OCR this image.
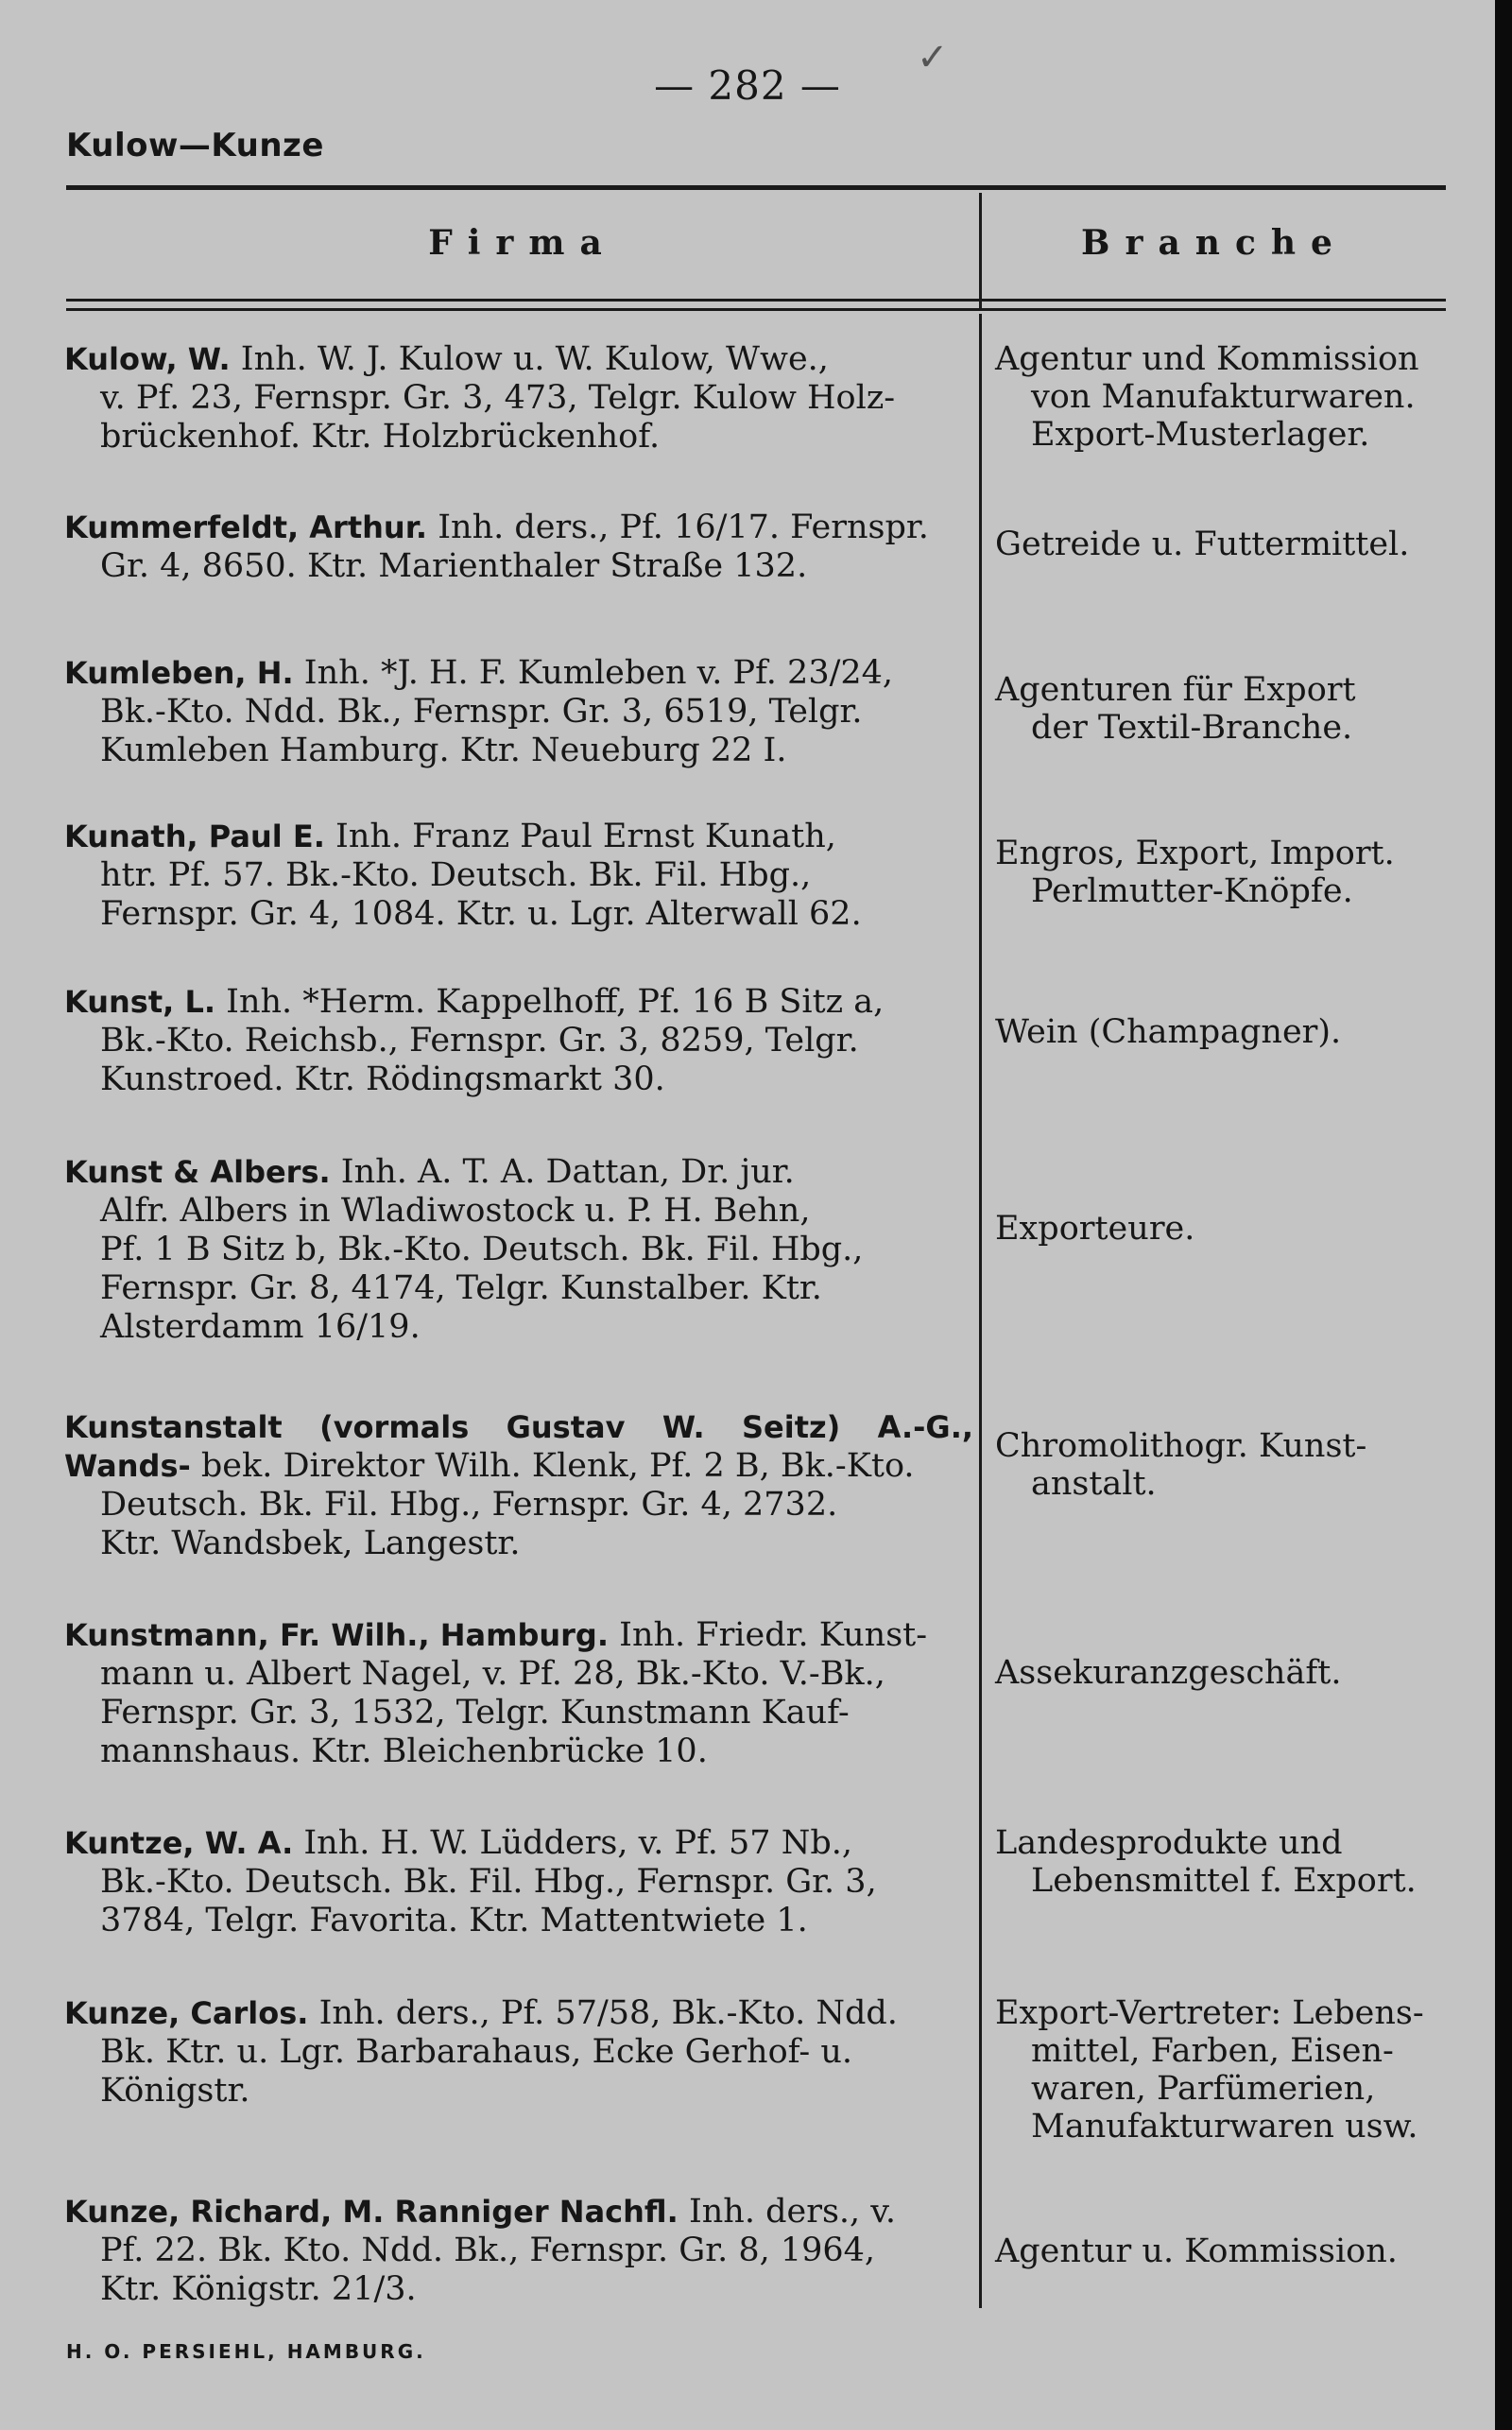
— 282 —
✓
Kulow—Kunze
Firma	Branche
Kulow, W. Inh. W. J. Kulow u. W. Kulow, Wwe.,
v. Pf. 23, Fernspr. Gr. 3, 473, Telgr. Kulow Holz-
brückenhof. Ktr. Holzbrückenhof.
Agentur und Kommission
von Manufakturwaren.
Export-Musterlager.
Kummerfeldt, Arthur. Inh. ders., Pf. 16/17. Fernspr.
Gr. 4, 8650. Ktr. Marienthaler Straße 132.
Getreide u. Futtermittel.
Kumleben, H. Inh. *J. H. F. Kumleben v. Pf. 23/24,
Bk.-Kto. Ndd. Bk., Fernspr. Gr. 3, 6519, Telgr.
Kumleben Hamburg. Ktr. Neueburg 22 I.
Agenturen für Export
der Textil-Branche.
Kunath, Paul E. Inh. Franz Paul Ernst Kunath,
htr. Pf. 57. Bk.-Kto. Deutsch. Bk. Fil. Hbg.,
Fernspr. Gr. 4, 1084. Ktr. u. Lgr. Alterwall 62.
Engros, Export, Import.
Perlmutter-Knöpfe.
Kunst, L. Inh. *Herm. Kappelhoff, Pf. 16 B Sitz a,
Bk.-Kto. Reichsb., Fernspr. Gr. 3, 8259, Telgr.
Kunstroed. Ktr. Rödingsmarkt 30.
Wein (Champagner).
Kunst & Albers. Inh. A. T. A. Dattan, Dr. jur.
Alfr. Albers in Wladiwostock u. P. H. Behn,
Pf. 1 B Sitz b, Bk.-Kto. Deutsch. Bk. Fil. Hbg.,
Fernspr. Gr. 8, 4174, Telgr. Kunstalber. Ktr.
Alsterdamm 16/19.
Exporteure.
Kunstanstalt (vormals Gustav W. Seitz) A.-G., Wands- bek. Direktor Wilh. Klenk, Pf. 2 B, Bk.-Kto.
Deutsch. Bk. Fil. Hbg., Fernspr. Gr. 4, 2732.
Ktr. Wandsbek, Langestr.
Chromolithogr. Kunst-
anstalt.
Kunstmann, Fr. Wilh., Hamburg. Inh. Friedr. Kunst-
mann u. Albert Nagel, v. Pf. 28, Bk.-Kto. V.-Bk.,
Fernspr. Gr. 3, 1532, Telgr. Kunstmann Kauf-
mannshaus. Ktr. Bleichenbrücke 10.
Assekuranzgeschäft.
Kuntze, W. A. Inh. H. W. Lüdders, v. Pf. 57 Nb.,
Bk.-Kto. Deutsch. Bk. Fil. Hbg., Fernspr. Gr. 3,
3784, Telgr. Favorita. Ktr. Mattentwiete 1.
Landesprodukte und
Lebensmittel f. Export.
Kunze, Carlos. Inh. ders., Pf. 57/58, Bk.-Kto. Ndd.
Bk. Ktr. u. Lgr. Barbarahaus, Ecke Gerhof- u.
Königstr.
Export-Vertreter: Lebens-
mittel, Farben, Eisen-
waren, Parfümerien,
Manufakturwaren usw.
Kunze, Richard, M. Ranniger Nachfl. Inh. ders., v.
Pf. 22. Bk. Kto. Ndd. Bk., Fernspr. Gr. 8, 1964,
Ktr. Königstr. 21/3.
Agentur u. Kommission.
H. O. PERSIEHL, HAMBURG.
